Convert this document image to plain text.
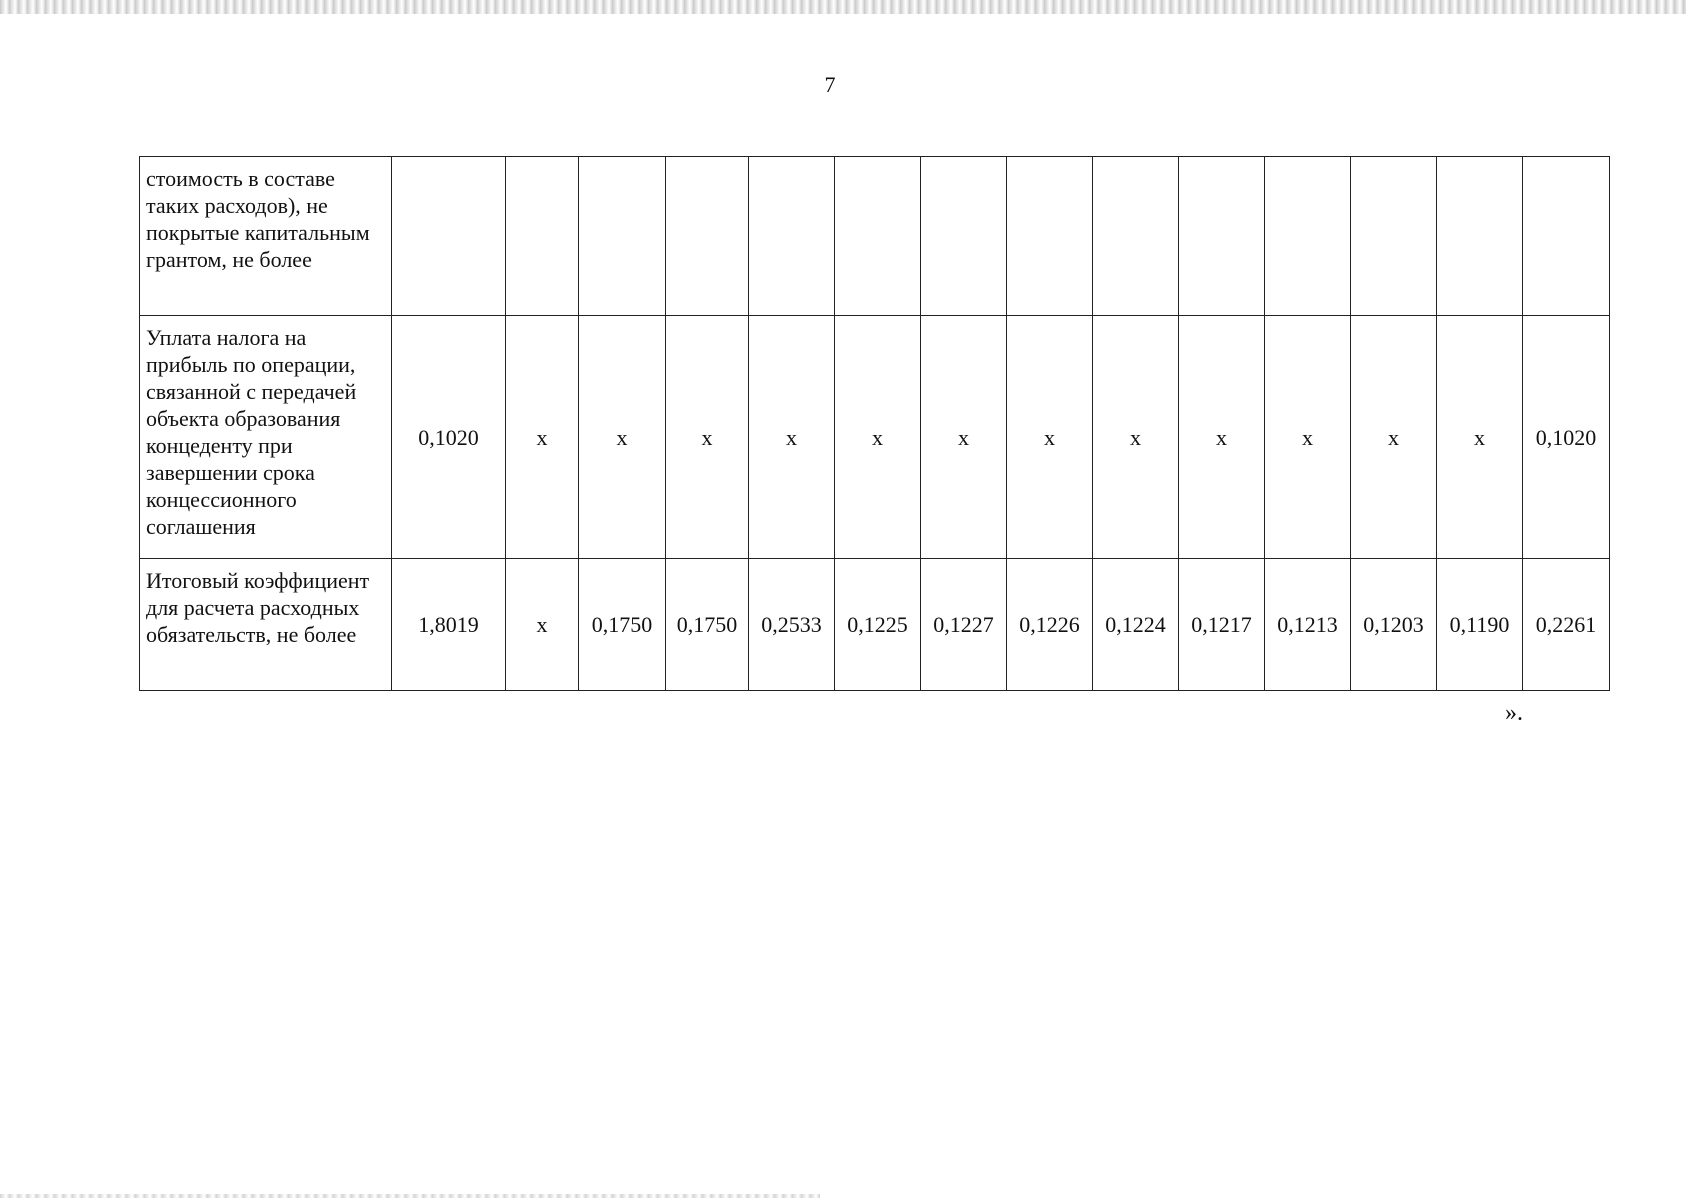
7
стоимость в составе таких расходов), не покрытые капитальным грантом, не более														
Уплата налога на прибыль по операции, связанной с передачей объекта образования концеденту при завершении срока концессионного соглашения	0,1020	х	х	х	х	х	х	х	х	х	х	х	х	0,1020
Итоговый коэффициент для расчета расходных обязательств, не более	1,8019	х	0,1750	0,1750	0,2533	0,1225	0,1227	0,1226	0,1224	0,1217	0,1213	0,1203	0,1190	0,2261
».
